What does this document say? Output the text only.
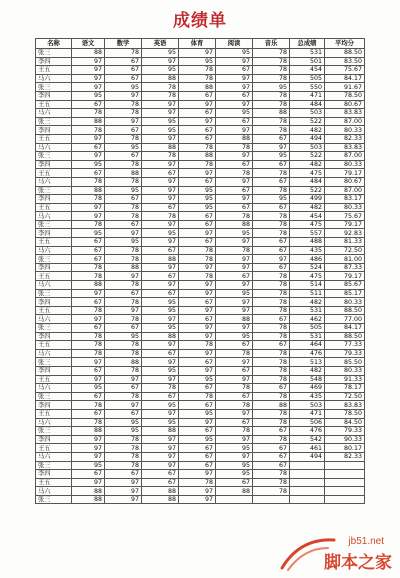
成绩单
名称	语文	数学	英语	体育	阅读	音乐	总成绩	平均分
张三	88	78	95	97	95	78	531	88.50
李四	97	67	97	95	97	78	501	83.50
王五	97	67	95	78	67	78	454	75.67
马六	97	67	88	78	97	78	505	84.17
张三	97	95	78	88	97	95	550	91.67
李四	95	97	78	67	67	78	471	78.50
王五	67	78	97	97	97	78	484	80.67
马六	78	78	97	67	95	88	503	83.83
张三	88	97	95	97	67	78	522	87.00
李四	78	67	95	67	97	78	482	80.33
王五	97	78	97	67	88	67	494	82.33
马六	67	95	88	78	78	97	503	83.83
张三	97	67	78	88	97	95	522	87.00
李四	95	78	97	78	67	67	482	80.33
王五	67	88	67	97	78	78	475	79.17
马六	78	78	97	67	97	67	484	80.67
张三	88	95	97	95	67	78	522	87.00
李四	78	67	97	95	97	95	499	83.17
王五	97	78	67	95	67	67	482	80.33
马六	97	78	78	67	78	78	454	75.67
张三	78	67	97	67	88	78	475	79.17
李四	95	97	95	97	95	78	557	92.83
王五	67	95	97	67	97	67	488	81.33
马六	67	78	67	78	78	67	435	72.50
张三	67	78	88	78	97	97	486	81.00
李四	78	88	97	97	97	67	524	87.33
王五	78	97	67	78	67	78	475	79.17
马六	88	78	97	97	97	78	514	85.67
张三	97	67	67	97	95	78	511	85.17
李四	67	78	95	67	97	78	482	80.33
王五	78	97	95	97	97	78	531	88.50
马六	97	78	97	67	88	67	462	77.00
张三	67	67	95	97	97	78	505	84.17
李四	78	95	88	97	95	78	531	88.50
王五	78	78	97	78	67	67	464	77.33
马六	78	78	67	97	78	78	476	79.33
张三	97	88	97	67	97	78	513	85.50
李四	67	78	95	97	67	78	482	80.33
王五	97	97	97	95	97	78	548	91.33
马六	95	67	78	67	78	67	469	78.17
张三	67	78	67	78	67	78	435	72.50
李四	78	97	95	67	78	88	503	83.83
王五	67	67	97	95	97	78	471	78.50
马六	78	95	95	97	67	78	506	84.50
张三	88	95	88	67	78	67	476	79.33
李四	97	78	97	95	97	78	542	90.33
王五	97	78	97	67	95	67	461	80.17
马六	97	78	97	67	97	67	494	82.33
张三	95	78	97	67	95	67		
李四	67	67	67	97	95	78		
王五	97	97	67	78	67	78		
马六	88	97	88	97	88	78		
张三	88	97	88	97				
jb51.net
脚本之家
